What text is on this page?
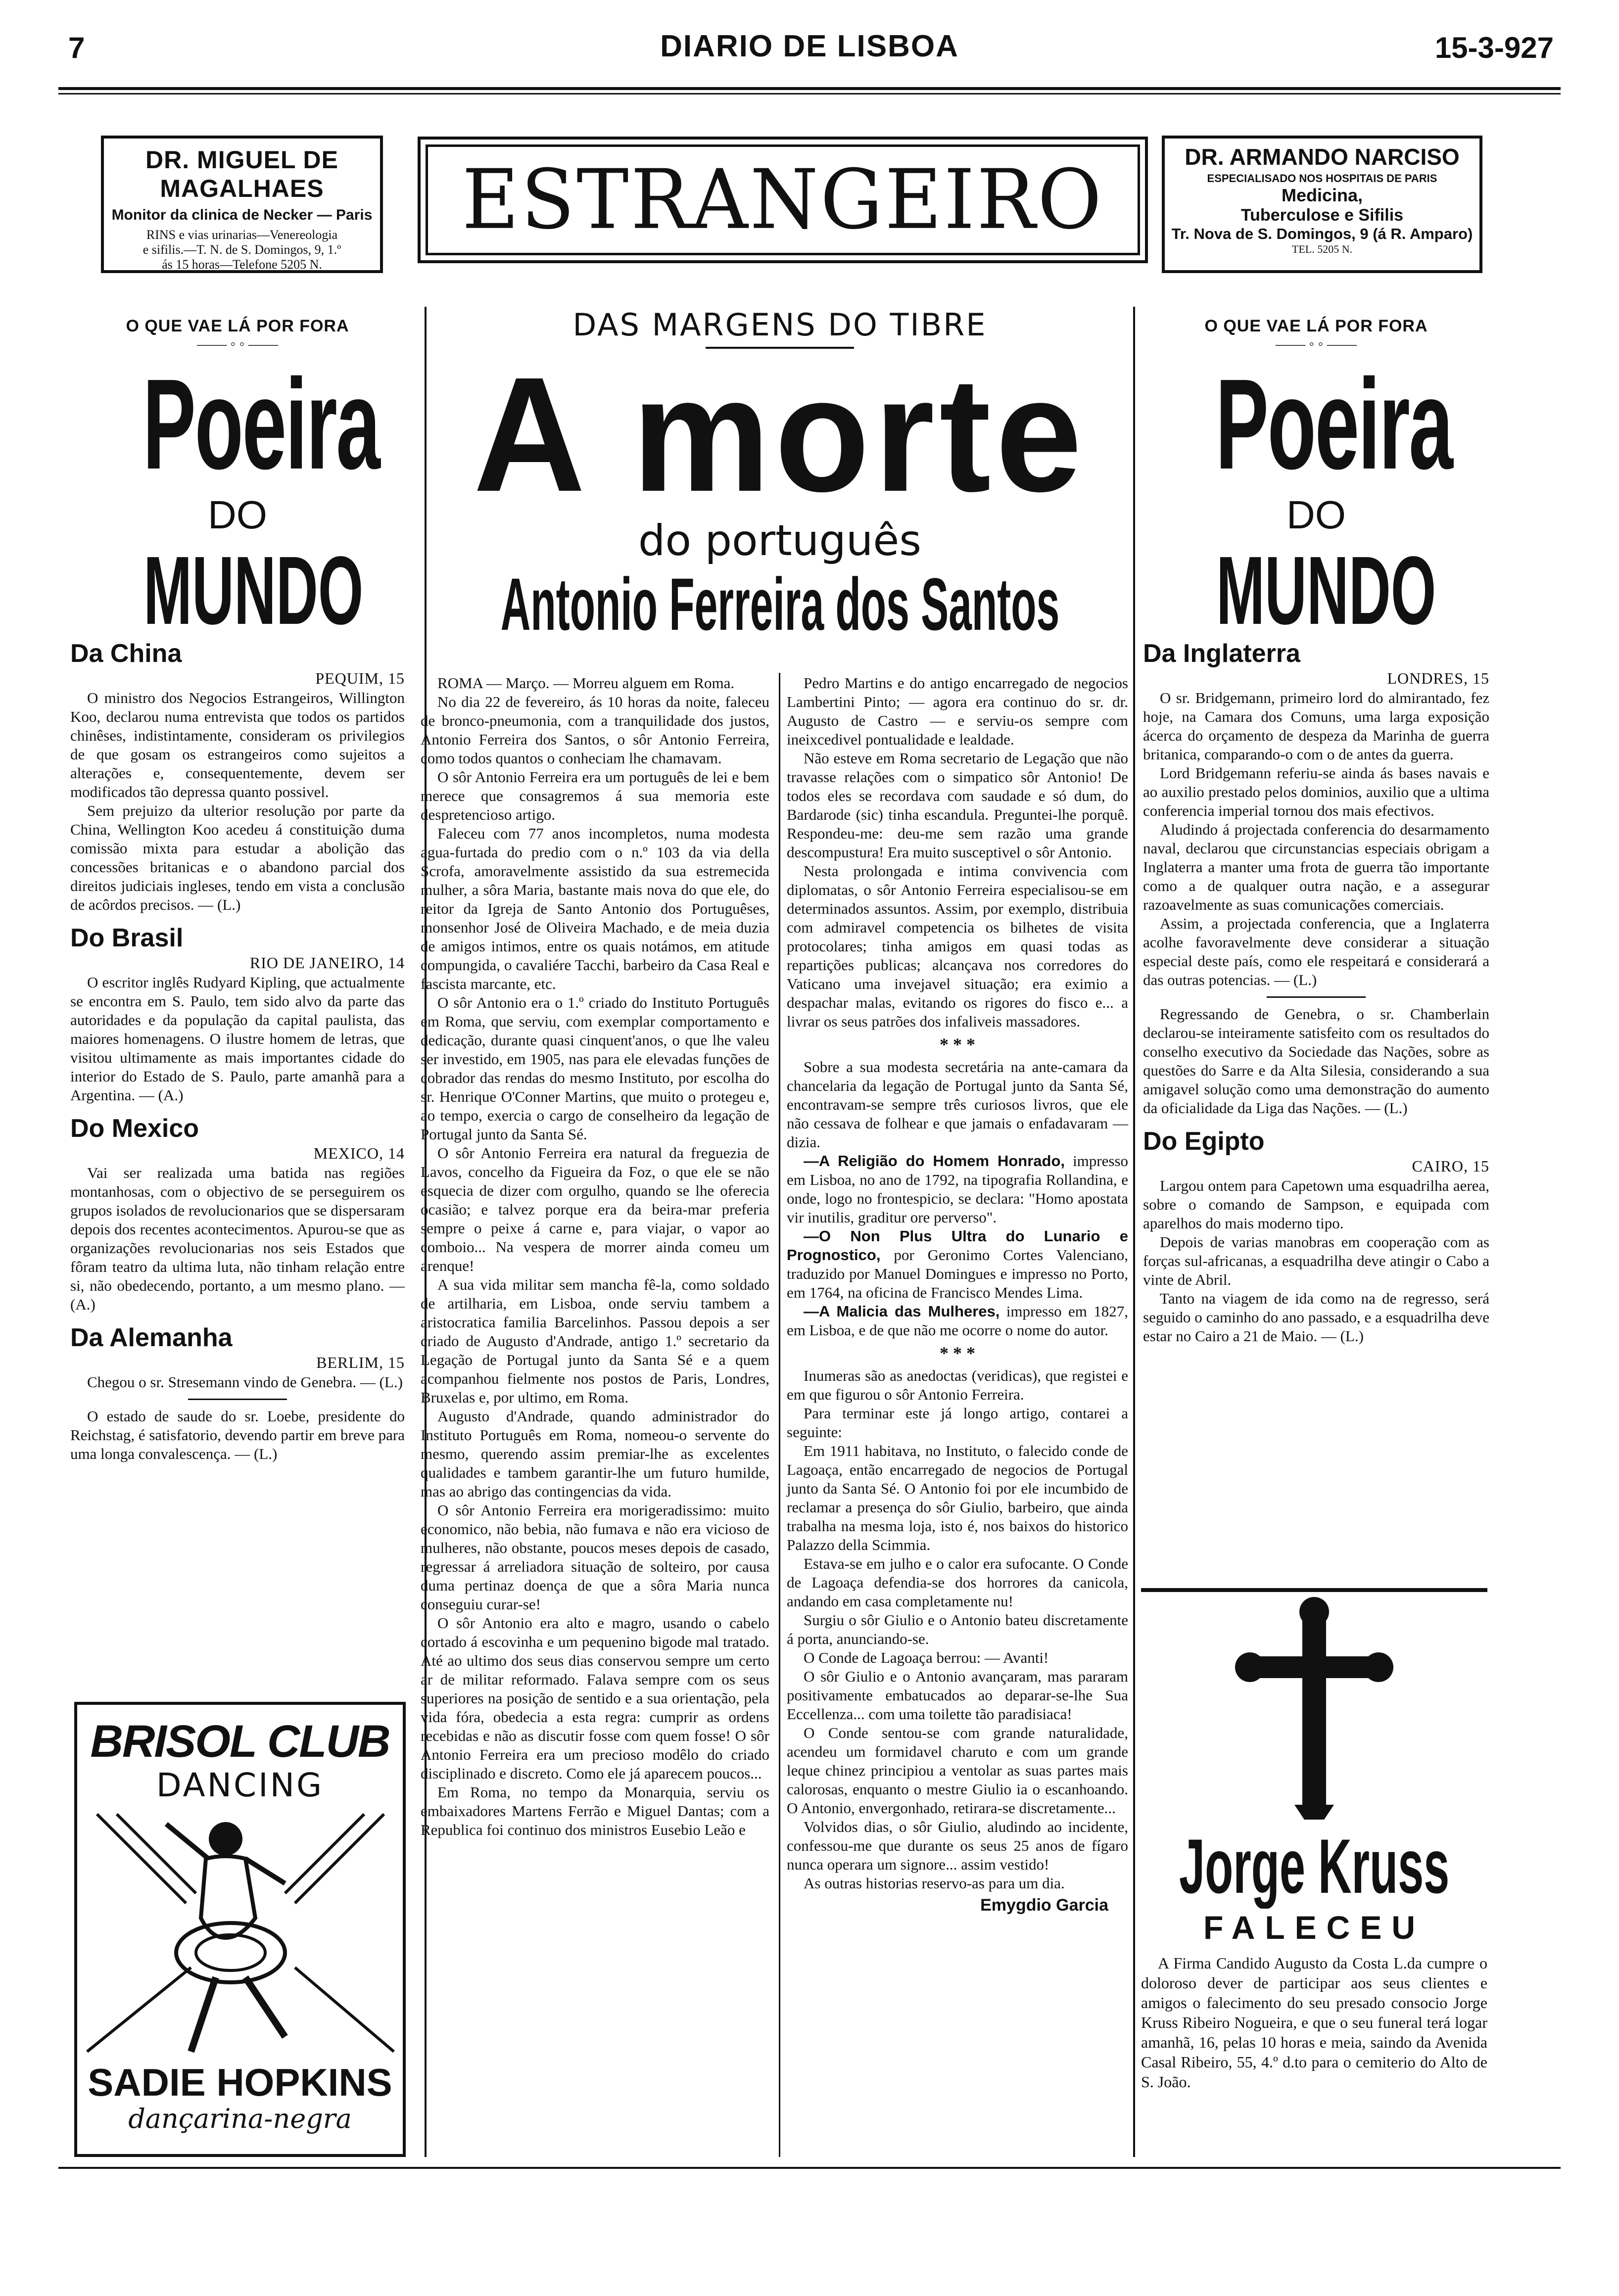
7	DIARIO DE LISBOA	15-3-927
DR. MIGUEL DE MAGALHAES
Monitor da clinica de Necker — Paris
RINS e vias urinarias—Venereologia
e sifilis.—T. N. de S. Domingos, 9, 1.º
ás 15 horas—Telefone 5205 N.
ESTRANGEIRO	DR. ARMANDO NARCISO
ESPECIALISADO NOS HOSPITAIS DE PARIS
Medicina,
Tuberculose e Sifilis
Tr. Nova de S. Domingos, 9 (á R. Amparo)
TEL. 5205 N.
O QUE VAE LÁ POR FORA
—— ◦ ◦ ——
Poeira
DO
MUNDO
Da China
PEQUIM, 15

O ministro dos Negocios Estrangeiros, Willington Koo, declarou numa entrevista que todos os partidos chinêses, indistintamente, consideram os privilegios de que gosam os estrangeiros como sujeitos a alterações e, consequentemente, devem ser modificados tão depressa quanto possivel.

Sem prejuizo da ulterior resolução por parte da China, Wellington Koo acedeu á constituição duma comissão mixta para estudar a abolição das concessões britanicas e o abandono parcial dos direitos judiciais ingleses, tendo em vista a conclusão de acôrdos precisos. — (L.)

Do Brasil
RIO DE JANEIRO, 14

O escritor inglês Rudyard Kipling, que actualmente se encontra em S. Paulo, tem sido alvo da parte das autoridades e da população da capital paulista, das maiores homenagens. O ilustre homem de letras, que visitou ultimamente as mais importantes cidade do interior do Estado de S. Paulo, parte amanhã para a Argentina. — (A.)

Do Mexico
MEXICO, 14

Vai ser realizada uma batida nas regiões montanhosas, com o objectivo de se perseguirem os grupos isolados de revolucionarios que se dispersaram depois dos recentes acontecimentos. Apurou-se que as organizações revolucionarias nos seis Estados que fôram teatro da ultima luta, não tinham relação entre si, não obedecendo, portanto, a um mesmo plano. — (A.)

Da Alemanha
BERLIM, 15

Chegou o sr. Stresemann vindo de Genebra. — (L.)

O estado de saude do sr. Loebe, presidente do Reichstag, é satisfatorio, devendo partir em breve para uma longa convalescença. — (L.)

BRISOL CLUB
DANCING
SADIE HOPKINS
dançarina-negra
DAS MARGENS DO TIBRE
A morte
do português
Antonio Ferreira dos Santos

ROMA — Março. — Morreu alguem em Roma.

No dia 22 de fevereiro, ás 10 horas da noite, faleceu de bronco-pneumonia, com a tranquilidade dos justos, Antonio Ferreira dos Santos, o sôr Antonio Ferreira, como todos quantos o conheciam lhe chamavam.

O sôr Antonio Ferreira era um português de lei e bem merece que consagremos á sua memoria este despretencioso artigo.

Faleceu com 77 anos incompletos, numa modesta agua-furtada do predio com o n.º 103 da via della Scrofa, amoravelmente assistido da sua estremecida mulher, a sôra Maria, bastante mais nova do que ele, do reitor da Igreja de Santo Antonio dos Portuguêses, monsenhor José de Oliveira Machado, e de meia duzia de amigos intimos, entre os quais notámos, em atitude compungida, o cavaliére Tacchi, barbeiro da Casa Real e fascista marcante, etc.

O sôr Antonio era o 1.º criado do Instituto Português em Roma, que serviu, com exemplar comportamento e dedicação, durante quasi cinquent'anos, o que lhe valeu ser investido, em 1905, nas para ele elevadas funções de cobrador das rendas do mesmo Instituto, por escolha do sr. Henrique O'Conner Martins, que muito o protegeu e, ao tempo, exercia o cargo de conselheiro da legação de Portugal junto da Santa Sé.

O sôr Antonio Ferreira era natural da freguezia de Lavos, concelho da Figueira da Foz, o que ele se não esquecia de dizer com orgulho, quando se lhe oferecia ocasião; e talvez porque era da beira-mar preferia sempre o peixe á carne e, para viajar, o vapor ao comboio... Na vespera de morrer ainda comeu um arenque!

A sua vida militar sem mancha fê-la, como soldado de artilharia, em Lisboa, onde serviu tambem a aristocratica familia Barcelinhos. Passou depois a ser criado de Augusto d'Andrade, antigo 1.º secretario da Legação de Portugal junto da Santa Sé e a quem acompanhou fielmente nos postos de Paris, Londres, Bruxelas e, por ultimo, em Roma.

Augusto d'Andrade, quando administrador do Instituto Português em Roma, nomeou-o servente do mesmo, querendo assim premiar-lhe as excelentes qualidades e tambem garantir-lhe um futuro humilde, mas ao abrigo das contingencias da vida.

O sôr Antonio Ferreira era morigeradissimo: muito economico, não bebia, não fumava e não era vicioso de mulheres, não obstante, poucos meses depois de casado, regressar á arreliadora situação de solteiro, por causa duma pertinaz doença de que a sôra Maria nunca conseguiu curar-se!

O sôr Antonio era alto e magro, usando o cabelo cortado á escovinha e um pequenino bigode mal tratado. Até ao ultimo dos seus dias conservou sempre um certo ar de militar reformado. Falava sempre com os seus superiores na posição de sentido e a sua orientação, pela vida fóra, obedecia a esta regra: cumprir as ordens recebidas e não as discutir fosse com quem fosse! O sôr Antonio Ferreira era um precioso modêlo do criado disciplinado e discreto. Como ele já aparecem poucos...

Em Roma, no tempo da Monarquia, serviu os embaixadores Martens Ferrão e Miguel Dantas; com a Republica foi continuo dos ministros Eusebio Leão e

Pedro Martins e do antigo encarregado de negocios Lambertini Pinto; — agora era continuo do sr. dr. Augusto de Castro — e serviu-os sempre com ineixcedivel pontualidade e lealdade.

Não esteve em Roma secretario de Legação que não travasse relações com o simpatico sôr Antonio! De todos eles se recordava com saudade e só dum, do Bardarode (sic) tinha escandula. Preguntei-lhe porquê. Respondeu-me: deu-me sem razão uma grande descompustura! Era muito susceptivel o sôr Antonio.

Nesta prolongada e intima convivencia com diplomatas, o sôr Antonio Ferreira especialisou-se em determinados assuntos. Assim, por exemplo, distribuia com admiravel competencia os bilhetes de visita protocolares; tinha amigos em quasi todas as repartições publicas; alcançava nos corredores do Vaticano uma invejavel situação; era eximio a despachar malas, evitando os rigores do fisco e... a livrar os seus patrões dos infaliveis massadores.

* * *

Sobre a sua modesta secretária na ante-camara da chancelaria da legação de Portugal junto da Santa Sé, encontravam-se sempre três curiosos livros, que ele não cessava de folhear e que jamais o enfadavaram — dizia.

—A Religião do Homem Honrado, impresso em Lisboa, no ano de 1792, na tipografia Rollandina, e onde, logo no frontespicio, se declara: "Homo apostata vir inutilis, graditur ore perverso".

—O Non Plus Ultra do Lunario e Prognostico, por Geronimo Cortes Valenciano, traduzido por Manuel Domingues e impresso no Porto, em 1764, na oficina de Francisco Mendes Lima.

—A Malicia das Mulheres, impresso em 1827, em Lisboa, e de que não me ocorre o nome do autor.

* * *

Inumeras são as anedoctas (veridicas), que registei e em que figurou o sôr Antonio Ferreira.

Para terminar este já longo artigo, contarei a seguinte:

Em 1911 habitava, no Instituto, o falecido conde de Lagoaça, então encarregado de negocios de Portugal junto da Santa Sé. O Antonio foi por ele incumbido de reclamar a presença do sôr Giulio, barbeiro, que ainda trabalha na mesma loja, isto é, nos baixos do historico Palazzo della Scimmia.

Estava-se em julho e o calor era sufocante. O Conde de Lagoaça defendia-se dos horrores da canicola, andando em casa completamente nu!

Surgiu o sôr Giulio e o Antonio bateu discretamente á porta, anunciando-se.

O Conde de Lagoaça berrou: — Avanti!

O sôr Giulio e o Antonio avançaram, mas pararam positivamente embatucados ao deparar-se-lhe Sua Eccellenza... com uma toilette tão paradisiaca!

O Conde sentou-se com grande naturalidade, acendeu um formidavel charuto e com um grande leque chinez principiou a ventolar as suas partes mais calorosas, enquanto o mestre Giulio ia o escanhoando. O Antonio, envergonhado, retirara-se discretamente...

Volvidos dias, o sôr Giulio, aludindo ao incidente, confessou-me que durante os seus 25 anos de fígaro nunca operara um signore... assim vestido!

As outras historias reservo-as para um dia.

Emygdio Garcia
O QUE VAE LÁ POR FORA
—— ◦ ◦ ——
Poeira
DO
MUNDO
Da Inglaterra
LONDRES, 15

O sr. Bridgemann, primeiro lord do almirantado, fez hoje, na Camara dos Comuns, uma larga exposição ácerca do orçamento de despeza da Marinha de guerra britanica, comparando-o com o de antes da guerra.

Lord Bridgemann referiu-se ainda ás bases navais e ao auxilio prestado pelos dominios, auxilio que a ultima conferencia imperial tornou dos mais efectivos.

Aludindo á projectada conferencia do desarmamento naval, declarou que circunstancias especiais obrigam a Inglaterra a manter uma frota de guerra tão importante como a de qualquer outra nação, e a assegurar razoavelmente as suas comunicações comerciais.

Assim, a projectada conferencia, que a Inglaterra acolhe favoravelmente deve considerar a situação especial deste país, como ele respeitará e considerará a das outras potencias. — (L.)

Regressando de Genebra, o sr. Chamberlain declarou-se inteiramente satisfeito com os resultados do conselho executivo da Sociedade das Nações, sobre as questões do Sarre e da Alta Silesia, considerando a sua amigavel solução como uma demonstração do aumento da oficialidade da Liga das Nações. — (L.)

Do Egipto
CAIRO, 15

Largou ontem para Capetown uma esquadrilha aerea, sobre o comando de Sampson, e equipada com aparelhos do mais moderno tipo.

Depois de varias manobras em cooperação com as forças sul-africanas, a esquadrilha deve atingir o Cabo a vinte de Abril.

Tanto na viagem de ida como na de regresso, será seguido o caminho do ano passado, e a esquadrilha deve estar no Cairo a 21 de Maio. — (L.)

Jorge Kruss
FALECEU

A Firma Candido Augusto da Costa L.da cumpre o doloroso dever de participar aos seus clientes e amigos o falecimento do seu presado consocio Jorge Kruss Ribeiro Nogueira, e que o seu funeral terá logar amanhã, 16, pelas 10 horas e meia, saindo da Avenida Casal Ribeiro, 55, 4.º d.to para o cemiterio do Alto de S. João.
